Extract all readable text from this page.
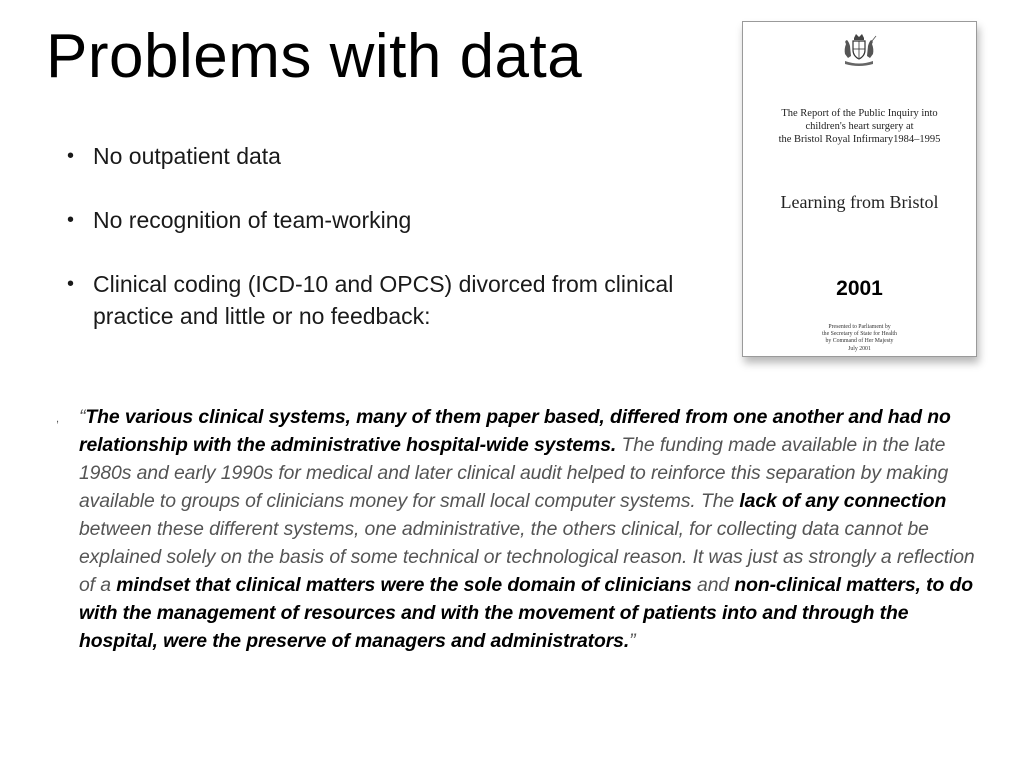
Problems with data
• No outpatient data
• No recognition of team-working
• Clinical coding (ICD-10 and OPCS) divorced from clinical practice and little or no feedback:
The Report of the Public Inquiry into
children's heart surgery at
the Bristol Royal Infirmary1984–1995
Learning from Bristol
2001
Presented to Parliament by
the Secretary of State for Health
by Command of Her Majesty
July 2001
, “The various clinical systems, many of them paper based, differed from one another and had no relationship with the administrative hospital-wide systems. The funding made available in the late 1980s and early 1990s for medical and later clinical audit helped to reinforce this separation by making available to groups of clinicians money for small local computer systems. The lack of any connection between these different systems, one administrative, the others clinical, for collecting data cannot be explained solely on the basis of some technical or technological reason. It was just as strongly a reflection of a mindset that clinical matters were the sole domain of clinicians and non-clinical matters, to do with the management of resources and with the movement of patients into and through the hospital, were the preserve of managers and administrators.”
